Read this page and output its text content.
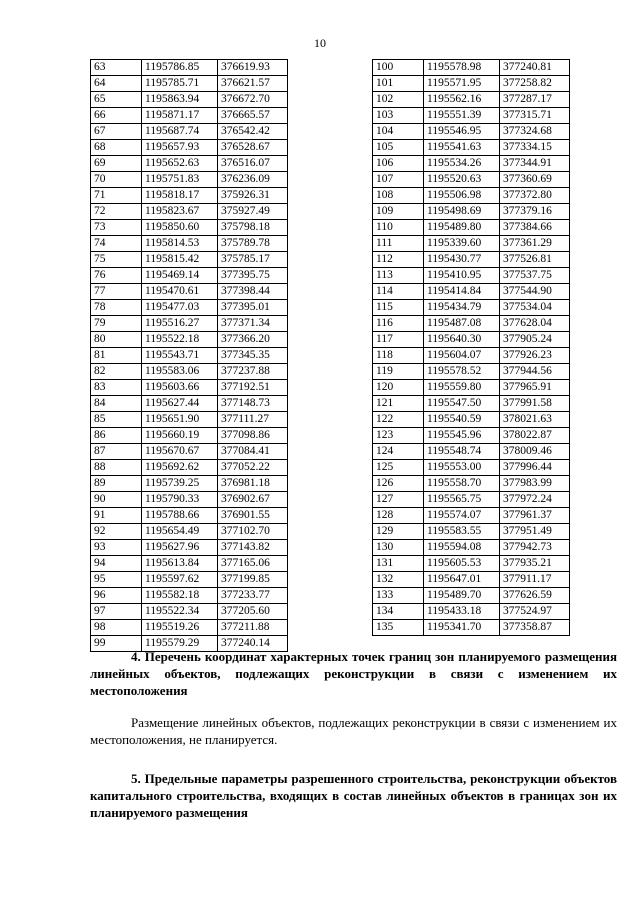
10
63	1195786.85	376619.93
64	1195785.71	376621.57
65	1195863.94	376672.70
66	1195871.17	376665.57
67	1195687.74	376542.42
68	1195657.93	376528.67
69	1195652.63	376516.07
70	1195751.83	376236.09
71	1195818.17	375926.31
72	1195823.67	375927.49
73	1195850.60	375798.18
74	1195814.53	375789.78
75	1195815.42	375785.17
76	1195469.14	377395.75
77	1195470.61	377398.44
78	1195477.03	377395.01
79	1195516.27	377371.34
80	1195522.18	377366.20
81	1195543.71	377345.35
82	1195583.06	377237.88
83	1195603.66	377192.51
84	1195627.44	377148.73
85	1195651.90	377111.27
86	1195660.19	377098.86
87	1195670.67	377084.41
88	1195692.62	377052.22
89	1195739.25	376981.18
90	1195790.33	376902.67
91	1195788.66	376901.55
92	1195654.49	377102.70
93	1195627.96	377143.82
94	1195613.84	377165.06
95	1195597.62	377199.85
96	1195582.18	377233.77
97	1195522.34	377205.60
98	1195519.26	377211.88
99	1195579.29	377240.14
100	1195578.98	377240.81
101	1195571.95	377258.82
102	1195562.16	377287.17
103	1195551.39	377315.71
104	1195546.95	377324.68
105	1195541.63	377334.15
106	1195534.26	377344.91
107	1195520.63	377360.69
108	1195506.98	377372.80
109	1195498.69	377379.16
110	1195489.80	377384.66
111	1195339.60	377361.29
112	1195430.77	377526.81
113	1195410.95	377537.75
114	1195414.84	377544.90
115	1195434.79	377534.04
116	1195487.08	377628.04
117	1195640.30	377905.24
118	1195604.07	377926.23
119	1195578.52	377944.56
120	1195559.80	377965.91
121	1195547.50	377991.58
122	1195540.59	378021.63
123	1195545.96	378022.87
124	1195548.74	378009.46
125	1195553.00	377996.44
126	1195558.70	377983.99
127	1195565.75	377972.24
128	1195574.07	377961.37
129	1195583.55	377951.49
130	1195594.08	377942.73
131	1195605.53	377935.21
132	1195647.01	377911.17
133	1195489.70	377626.59
134	1195433.18	377524.97
135	1195341.70	377358.87
4. Перечень координат характерных точек границ зон планируемого размещения линейных объектов, подлежащих реконструкции в связи с изменением их местоположения
Размещение линейных объектов, подлежащих реконструкции в связи с изменением их местоположения, не планируется.
5. Предельные параметры разрешенного строительства, реконструкции объектов капитального строительства, входящих в состав линейных объектов в границах зон их планируемого размещения
